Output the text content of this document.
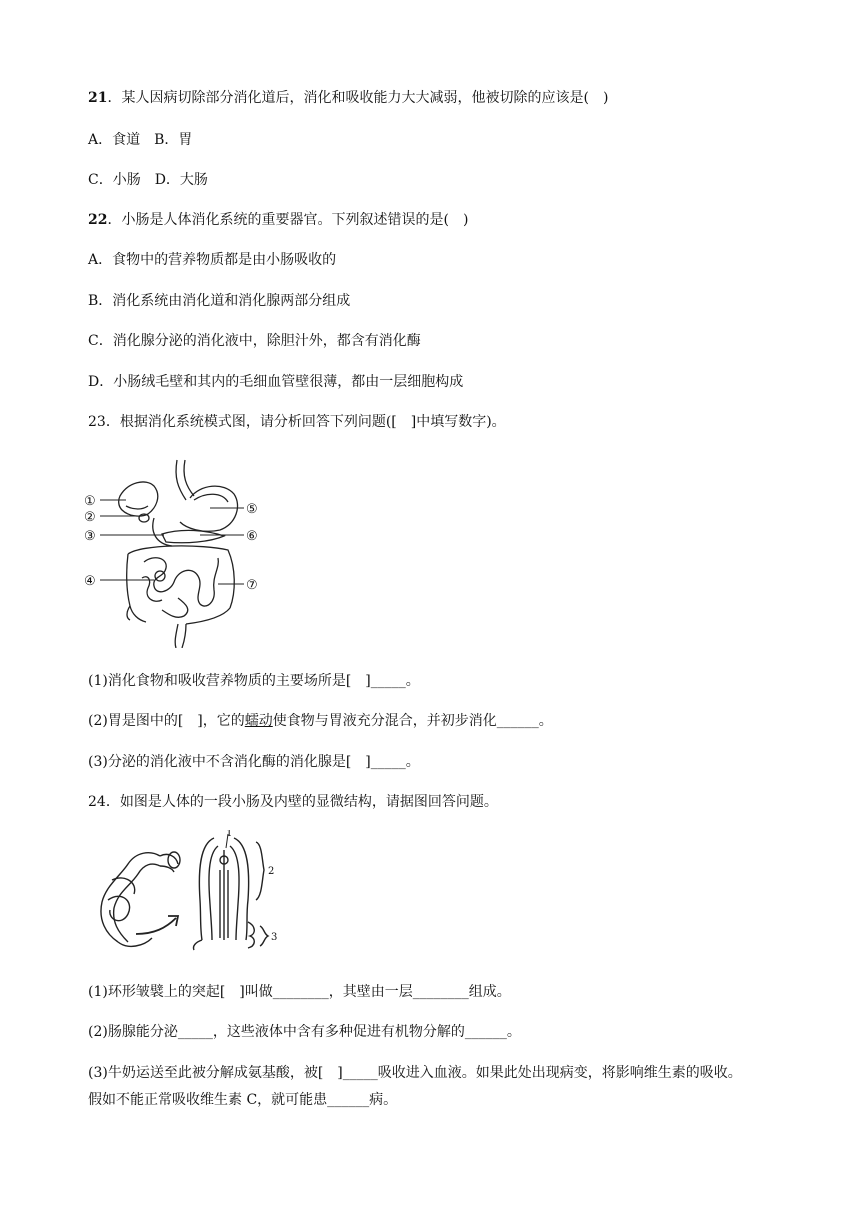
21．某人因病切除部分消化道后，消化和吸收能力大大减弱，他被切除的应该是(　)
A．食道　B．胃
C．小肠　D．大肠
22．小肠是人体消化系统的重要器官。下列叙述错误的是(　)
A．食物中的营养物质都是由小肠吸收的
B．消化系统由消化道和消化腺两部分组成
C．消化腺分泌的消化液中，除胆汁外，都含有消化酶
D．小肠绒毛壁和其内的毛细血管壁很薄，都由一层细胞构成
23．根据消化系统模式图，请分析回答下列问题([　]中填写数字)。
①
②
③
④
⑤
⑥
⑦
(1)消化食物和吸收营养物质的主要场所是[　]_____。
(2)胃是图中的[　]，它的蠕动使食物与胃液充分混合，并初步消化______。
(3)分泌的消化液中不含消化酶的消化腺是[　]_____。
24．如图是人体的一段小肠及内壁的显微结构，请据图回答问题。
1
2
3
(1)环形皱襞上的突起[　]叫做________，其壁由一层________组成。
(2)肠腺能分泌_____，这些液体中含有多种促进有机物分解的______。
(3)牛奶运送至此被分解成氨基酸，被[　]_____吸收进入血液。如果此处出现病变，将影响维生素的吸收。
假如不能正常吸收维生素 C，就可能患______病。
